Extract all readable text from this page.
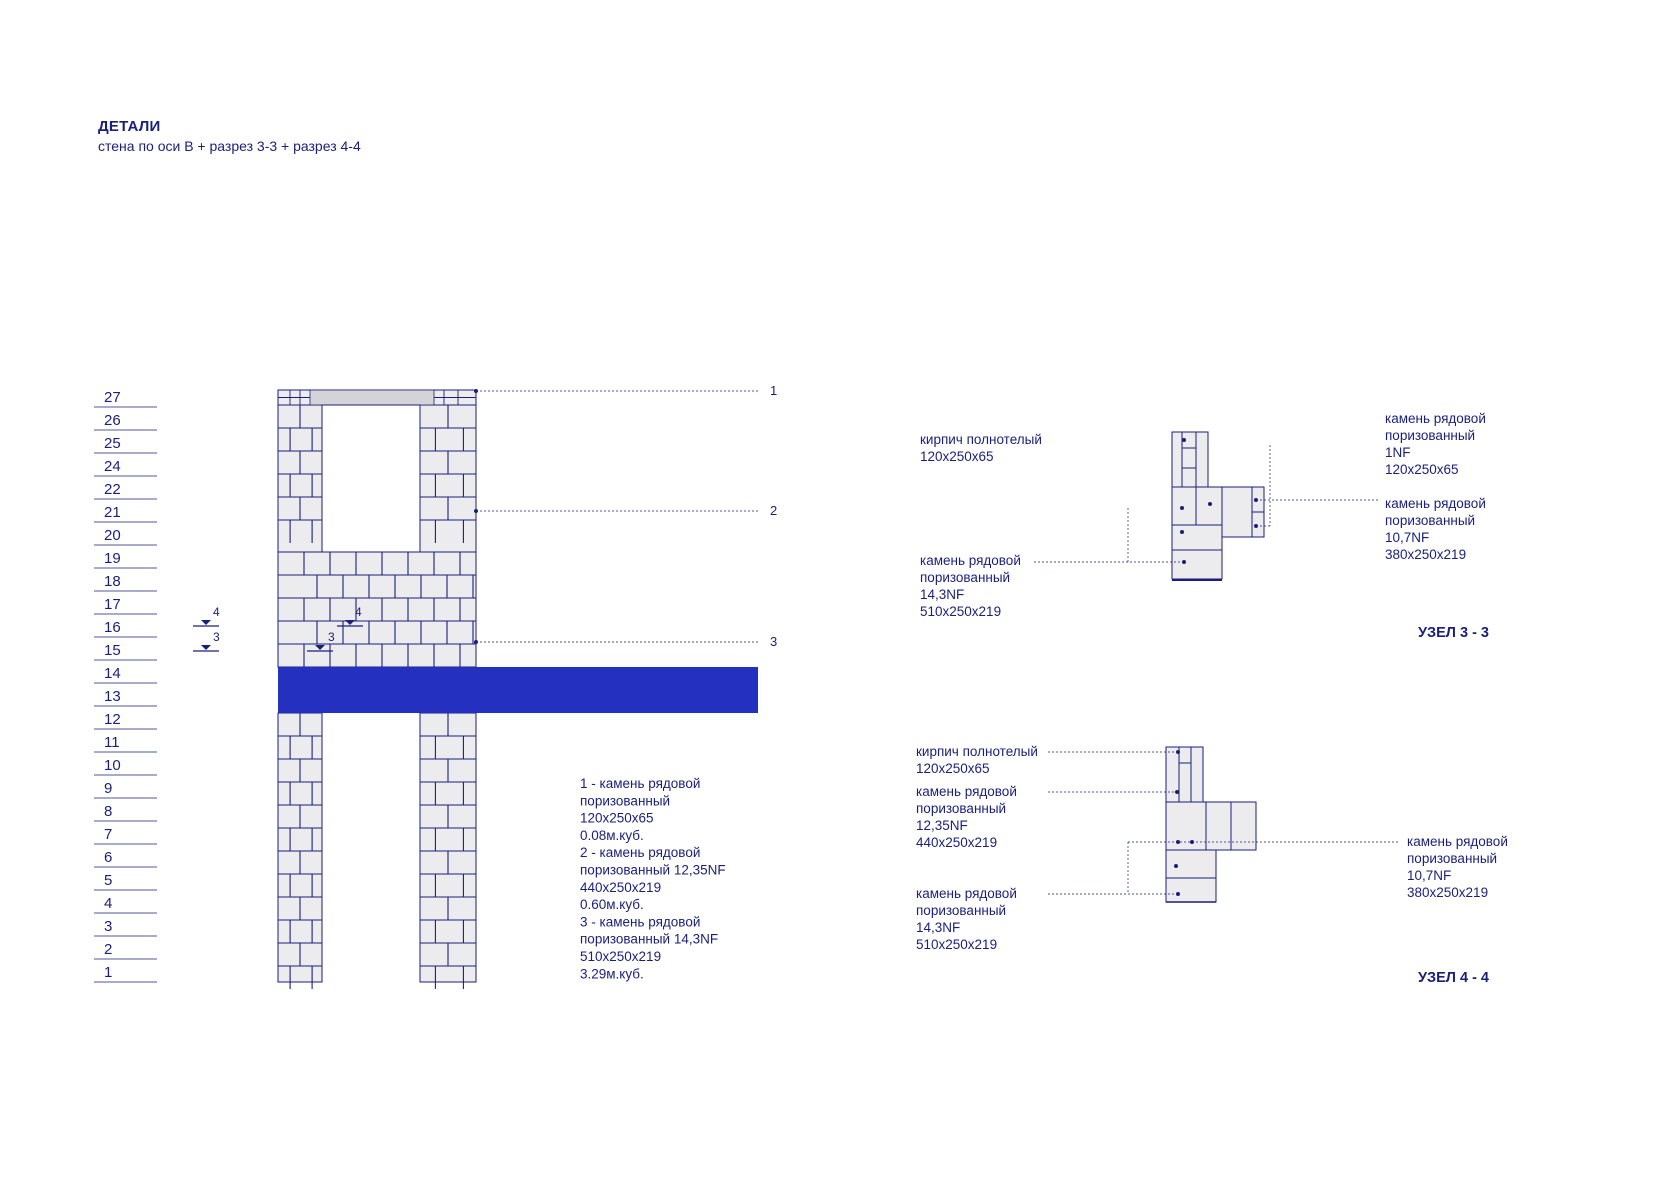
ДЕТАЛИ
стена по оси В + разрез 3-3 + разрез 4-4
1
2
3
4
5
6
7
8
9
10
11
12
13
14
15
16
17
18
19
20
21
22
24
25
26
27	1
2
3
4
3
4
3
1 - камень рядовой
поризованный
120x250x65
0.08м.куб.
2 - камень рядовой
поризованный 12,35NF
440x250x219
0.60м.куб.
3 - камень рядовой
поризованный 14,3NF
510x250x219
3.29м.куб.
кирпич полнотелый
120x250x65
камень рядовой
поризованный
14,3NF
510x250x219
камень рядовой
поризованный
1NF
120x250x65
камень рядовой
поризованный
10,7NF
380x250x219
УЗЕЛ 3 - 3
кирпич полнотелый
120x250x65
камень рядовой
поризованный
12,35NF
440x250x219
камень рядовой
поризованный
14,3NF
510x250x219
камень рядовой
поризованный
10,7NF
380x250x219
УЗЕЛ 4 - 4
